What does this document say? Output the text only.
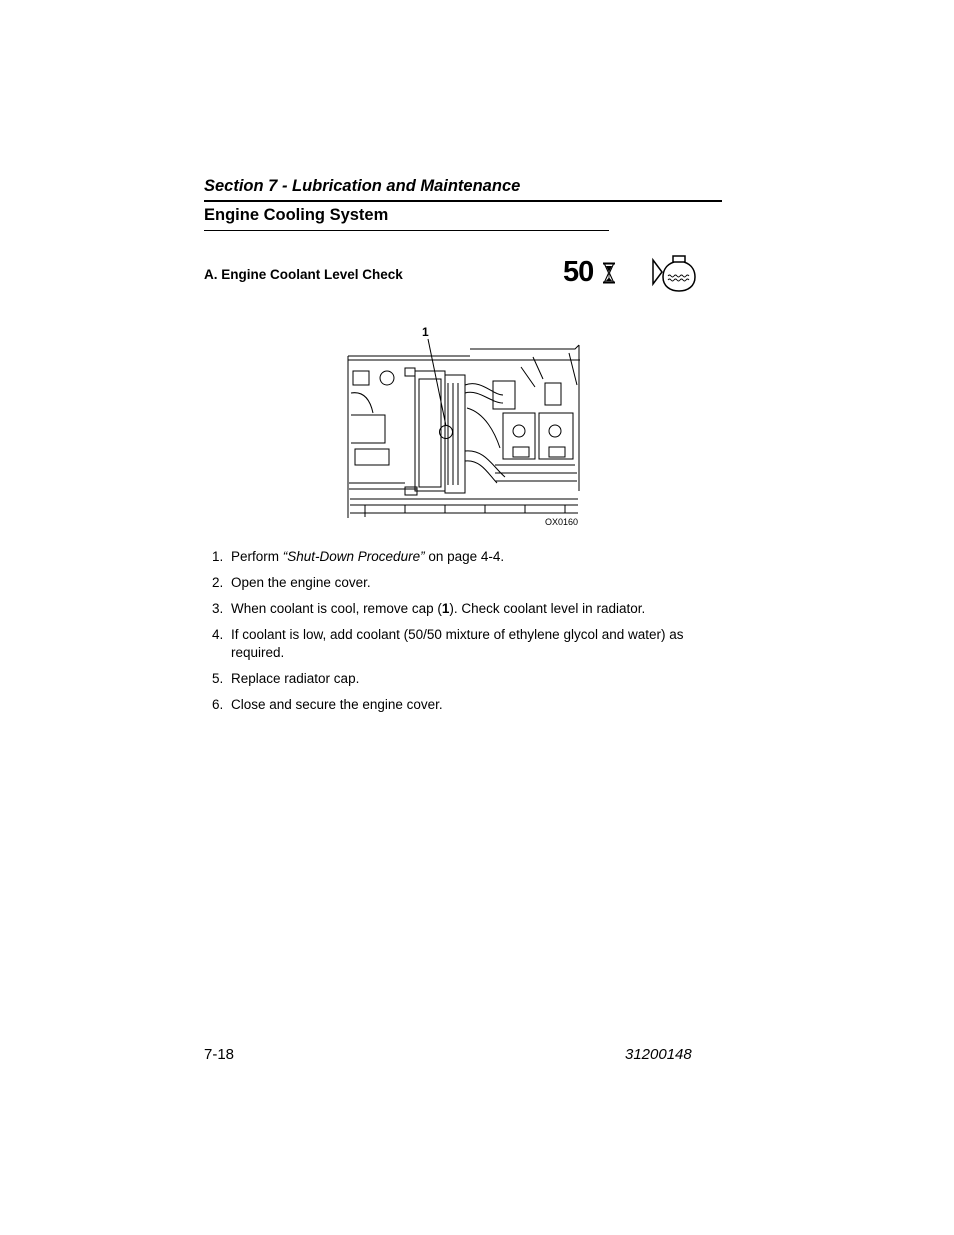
Section 7 - Lubrication and Maintenance
Engine Cooling System
A. Engine Coolant Level Check	50
1
OX0160
1. Perform “Shut-Down Procedure” on page 4-4.
2. Open the engine cover.
3. When coolant is cool, remove cap (1). Check coolant level in radiator.
4. If coolant is low, add coolant (50/50 mixture of ethylene glycol and water) as required.
5. Replace radiator cap.
6. Close and secure the engine cover.
7-18	31200148
